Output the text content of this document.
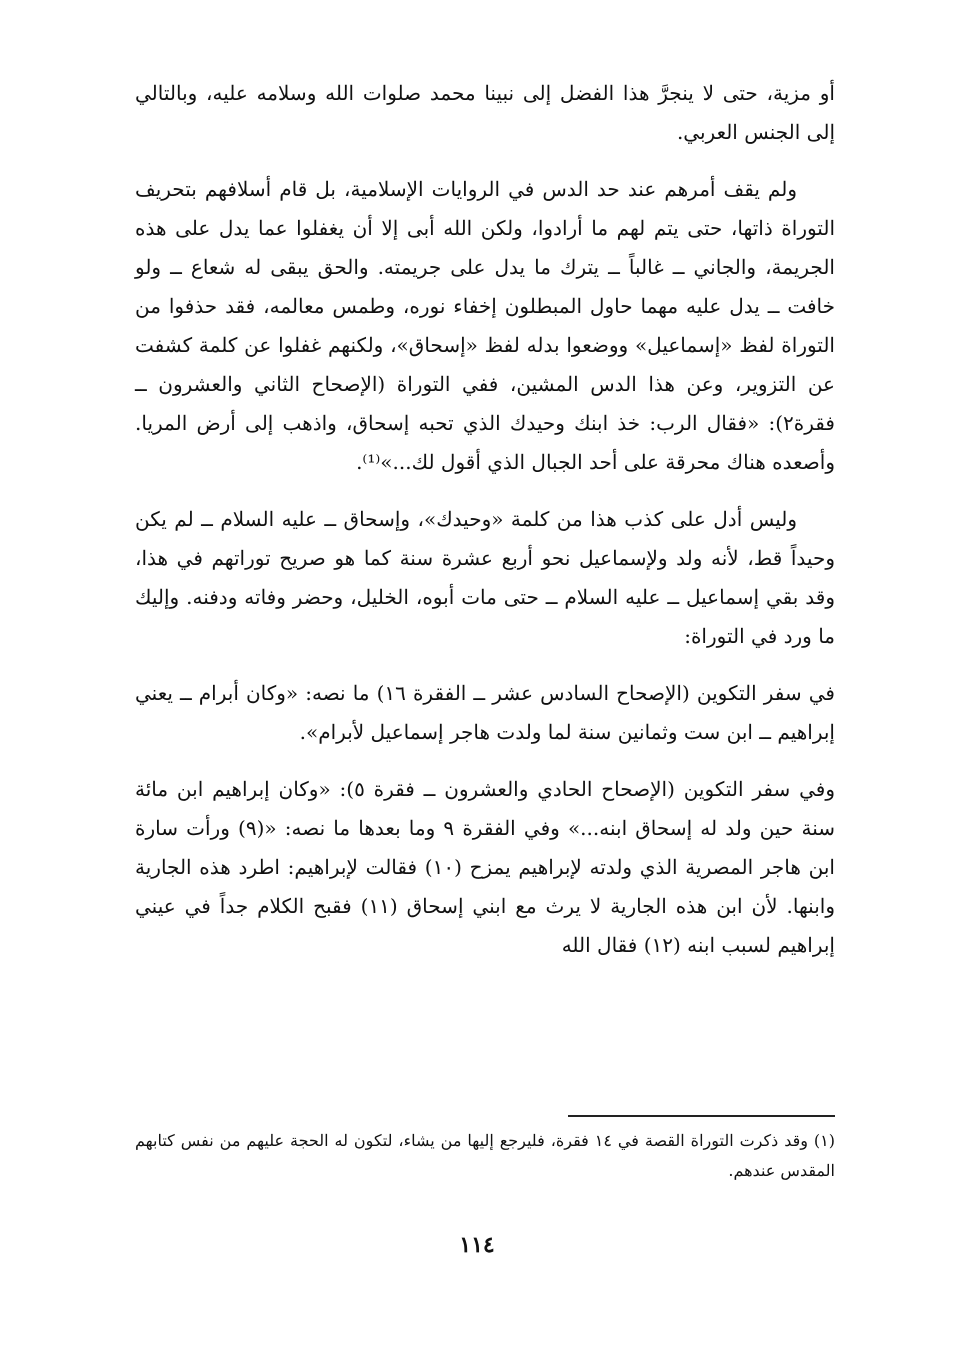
أو مزية، حتى لا ينجرَّ هذا الفضل إلى نبينا محمد صلوات الله وسلامه عليه، وبالتالي إلى الجنس العربي.

ولم يقف أمرهم عند حد الدس في الروايات الإسلامية، بل قام أسلافهم بتحريف التوراة ذاتها، حتى يتم لهم ما أرادوا، ولكن الله أبى إلا أن يغفلوا عما يدل على هذه الجريمة، والجاني ــ غالباً ــ يترك ما يدل على جريمته. والحق يبقى له شعاع ــ ولو خافت ــ يدل عليه مهما حاول المبطلون إخفاء نوره، وطمس معالمه، فقد حذفوا من التوراة لفظ «إسماعيل» ووضعوا بدله لفظ «إسحاق»، ولكنهم غفلوا عن كلمة كشفت عن التزوير، وعن هذا الدس المشين، ففي التوراة (الإصحاح الثاني والعشرون ــ فقرة٢): «فقال الرب: خذ ابنك وحيدك الذي تحبه إسحاق، واذهب إلى أرض المريا. وأصعده هناك محرقة على أحد الجبال الذي أقول لك...»⁽¹⁾.

وليس أدل على كذب هذا من كلمة «وحيدك»، وإسحاق ــ عليه السلام ــ لم يكن وحيداً قط، لأنه ولد ولإسماعيل نحو أربع عشرة سنة كما هو صريح توراتهم في هذا، وقد بقي إسماعيل ــ عليه السلام ــ حتى مات أبوه، الخليل، وحضر وفاته ودفنه. وإليك ما ورد في التوراة:

في سفر التكوين (الإصحاح السادس عشر ــ الفقرة ١٦) ما نصه: «وكان أبرام ــ يعني إبراهيم ــ ابن ست وثمانين سنة لما ولدت هاجر إسماعيل لأبرام».

وفي سفر التكوين (الإصحاح الحادي والعشرون ــ فقرة ٥): «وكان إبراهيم ابن مائة سنة حين ولد له إسحاق ابنه...» وفي الفقرة ٩ وما بعدها ما نصه: «(٩) ورأت سارة ابن هاجر المصرية الذي ولدته لإبراهيم يمزح (١٠) فقالت لإبراهيم: اطرد هذه الجارية وابنها. لأن ابن هذه الجارية لا يرث مع ابني إسحاق (١١) فقبح الكلام جداً في عيني إبراهيم لسبب ابنه (١٢) فقال الله

(١) وقد ذكرت التوراة القصة في ١٤ فقرة، فليرجع إليها من يشاء، لتكون له الحجة عليهم من نفس كتابهم المقدس عندهم.

١١٤
